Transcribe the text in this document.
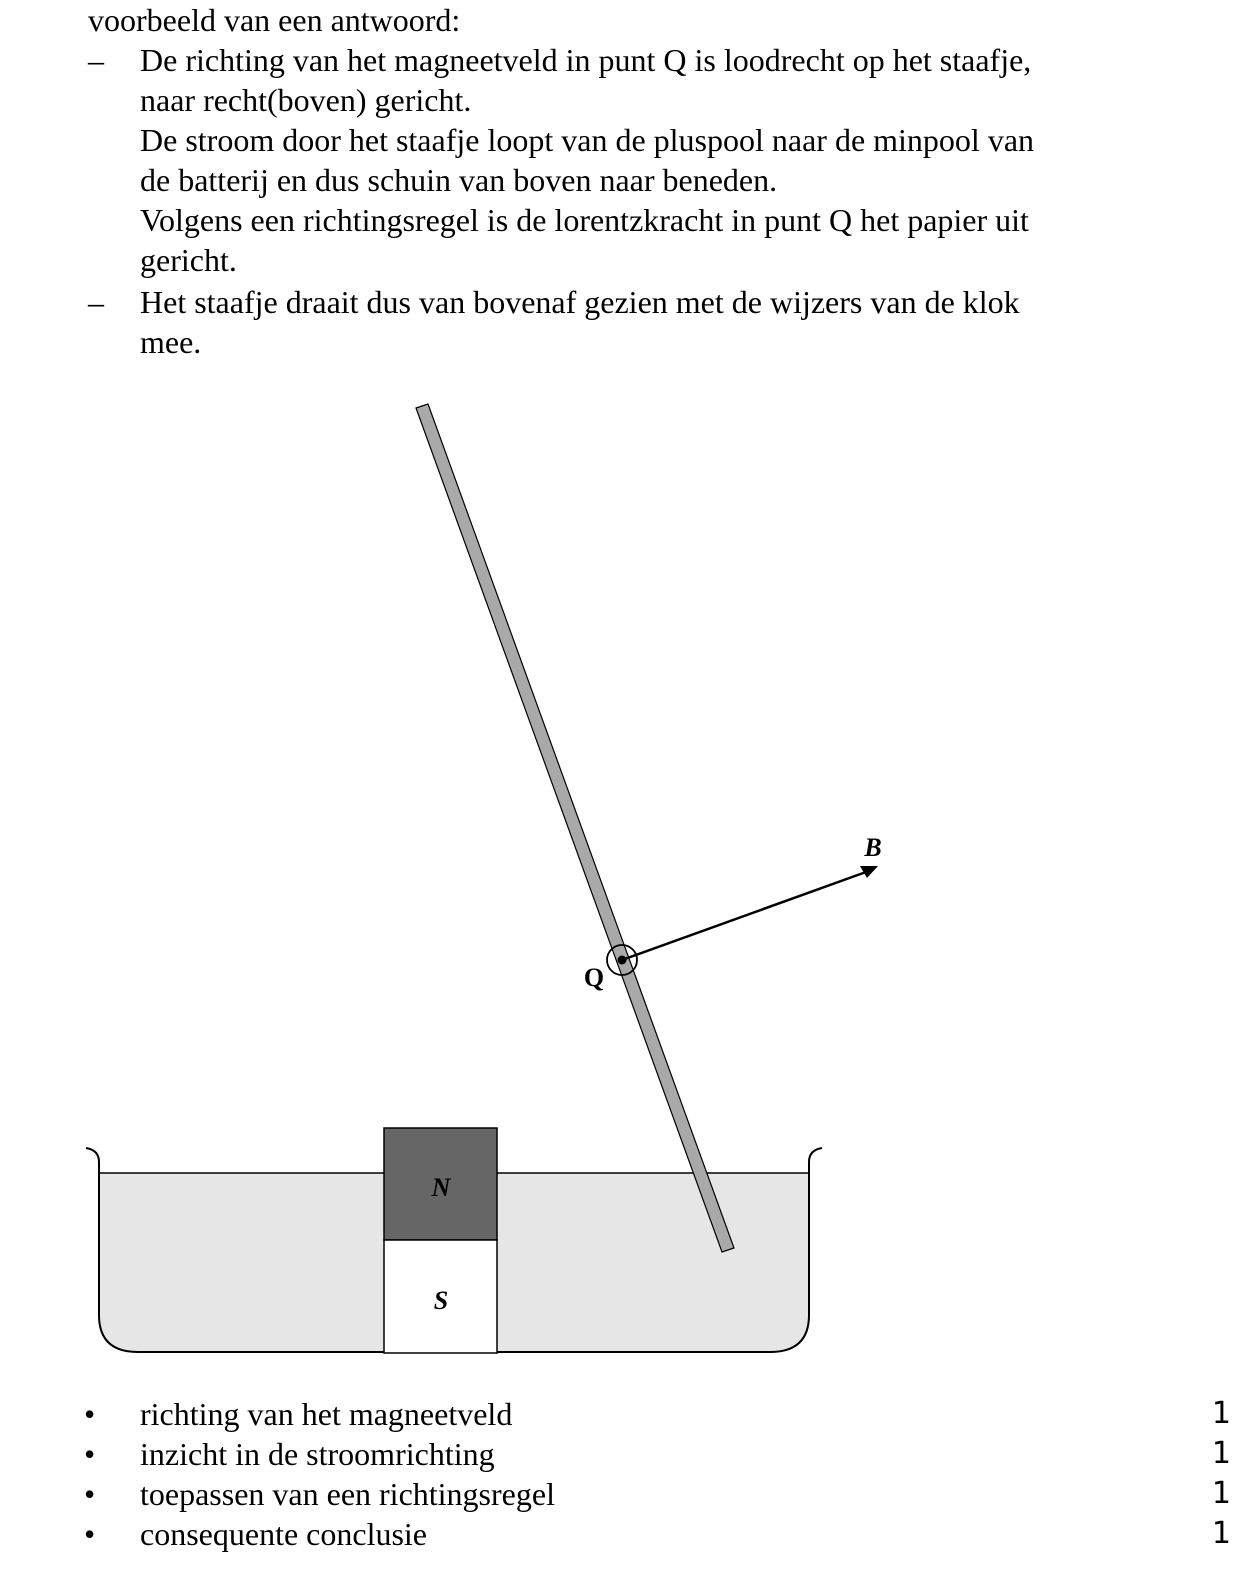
voorbeeld van een antwoord:

– De richting van het magneetveld in punt Q is loodrecht op het staafje,

naar recht(boven) gericht.

De stroom door het staafje loopt van de pluspool naar de minpool van

de batterij en dus schuin van boven naar beneden.

Volgens een richtingsregel is de lorentzkracht in punt Q het papier uit

gericht.

– Het staafje draait dus van bovenaf gezien met de wijzers van de klok

mee.

N
S
Q
B
• richting van het magneetveld	1
• inzicht in de stroomrichting	1
• toepassen van een richtingsregel	1
• consequente conclusie	1
